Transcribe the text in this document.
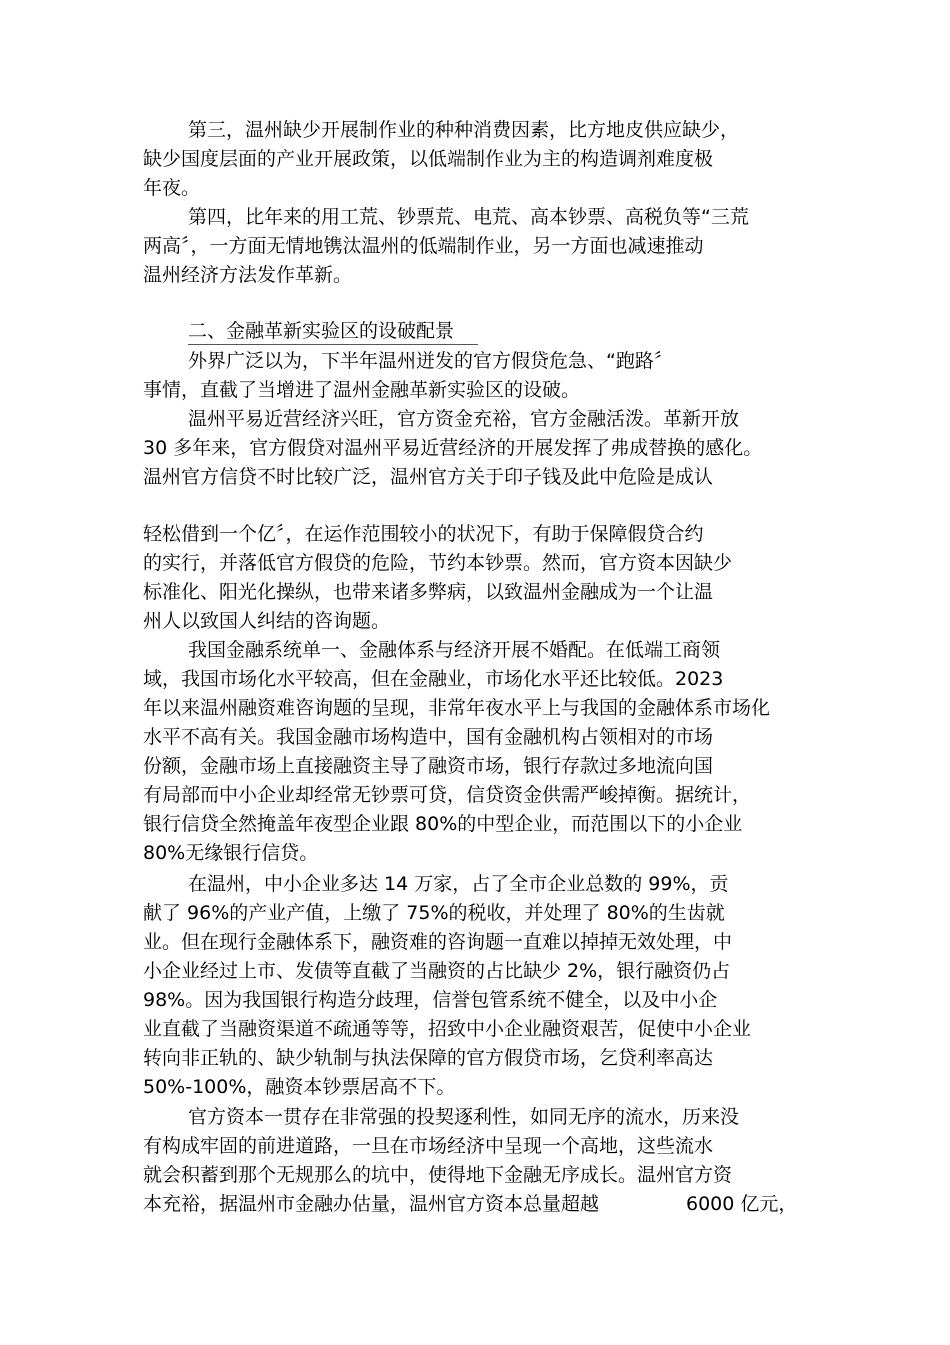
第三，温州缺少开展制作业的种种消费因素，比方地皮供应缺少，
缺少国度层面的产业开展政策，以低端制作业为主的构造调剂难度极
年夜。
第四，比年来的用工荒、钞票荒、电荒、高本钞票、高税负等“三荒
两高〞，一方面无情地镌汰温州的低端制作业，另一方面也减速推动
温州经济方法发作革新。
二、金融革新实验区的设破配景
外界广泛以为，下半年温州迸发的官方假贷危急、“跑路〞
事情，直截了当增进了温州金融革新实验区的设破。
温州平易近营经济兴旺，官方资金充裕，官方金融活泼。革新开放
30 多年来，官方假贷对温州平易近营经济的开展发挥了弗成替换的感化。
温州官方信贷不时比较广泛，温州官方关于印子钱及此中危险是成认
轻松借到一个亿〞，在运作范围较小的状况下，有助于保障假贷合约
的实行，并落低官方假贷的危险，节约本钞票。然而，官方资本因缺少
标准化、阳光化操纵，也带来诸多弊病，以致温州金融成为一个让温
州人以致国人纠结的咨询题。
我国金融系统单一、金融体系与经济开展不婚配。在低端工商领
域，我国市场化水平较高，但在金融业，市场化水平还比较低。2023
年以来温州融资难咨询题的呈现，非常年夜水平上与我国的金融体系市场化
水平不高有关。我国金融市场构造中，国有金融机构占领相对的市场
份额，金融市场上直接融资主导了融资市场，银行存款过多地流向国
有局部而中小企业却经常无钞票可贷，信贷资金供需严峻掉衡。据统计，
银行信贷全然掩盖年夜型企业跟 80%的中型企业，而范围以下的小企业
80%无缘银行信贷。
在温州，中小企业多达 14 万家，占了全市企业总数的 99%，贡
献了 96%的产业产值，上缴了 75%的税收，并处理了 80%的生齿就
业。但在现行金融体系下，融资难的咨询题一直难以掉掉无效处理，中
小企业经过上市、发债等直截了当融资的占比缺少 2%，银行融资仍占
98%。因为我国银行构造分歧理，信誉包管系统不健全，以及中小企
业直截了当融资渠道不疏通等等，招致中小企业融资艰苦，促使中小企业
转向非正轨的、缺少轨制与执法保障的官方假贷市场，乞贷利率高达
50%-100%，融资本钞票居高不下。
官方资本一贯存在非常强的投契逐利性，如同无序的流水，历来没
有构成牢固的前进道路，一旦在市场经济中呈现一个高地，这些流水
就会积蓄到那个无规那么的坑中，使得地下金融无序成长。温州官方资
本充裕，据温州市金融办估量，温州官方资本总量超越	6000 亿元，
